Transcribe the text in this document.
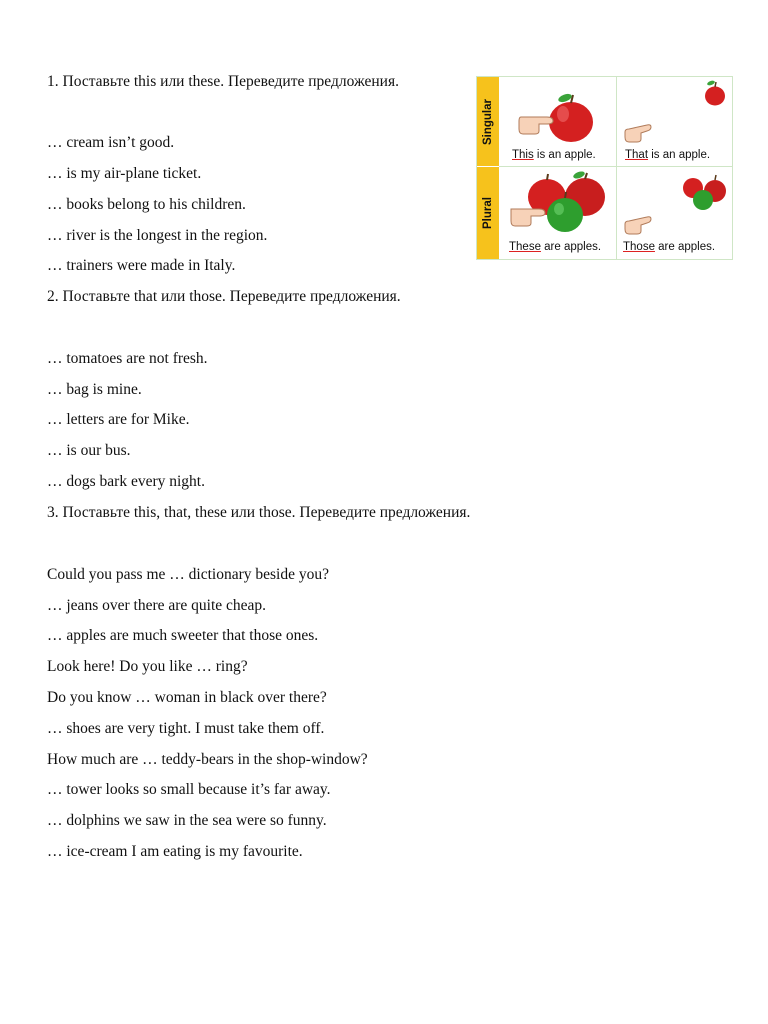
1. Поставьте this или these. Переведите предложения.
… cream isn’t good.
… is my air-plane ticket.
… books belong to his children.
… river is the longest in the region.
… trainers were made in Italy.
2. Поставьте that или those. Переведите предложения.
… tomatoes are not fresh.
… bag is mine.
… letters are for Mike.
… is our bus.
… dogs bark every night.
3. Поставьте this, that, these или those. Переведите предложения.
Could you pass me … dictionary beside you?
… jeans over there are quite cheap.
… apples are much sweeter that those ones.
Look here! Do you like … ring?
Do you know … woman in black over there?
… shoes are very tight. I must take them off.
How much are … teddy-bears in the shop-window?
… tower looks so small because it’s far away.
… dolphins we saw in the sea were so funny.
… ice-cream I am eating is my favourite.
Singular
Plural
This is an apple.	That is an apple.
These are apples. Those are apples.
